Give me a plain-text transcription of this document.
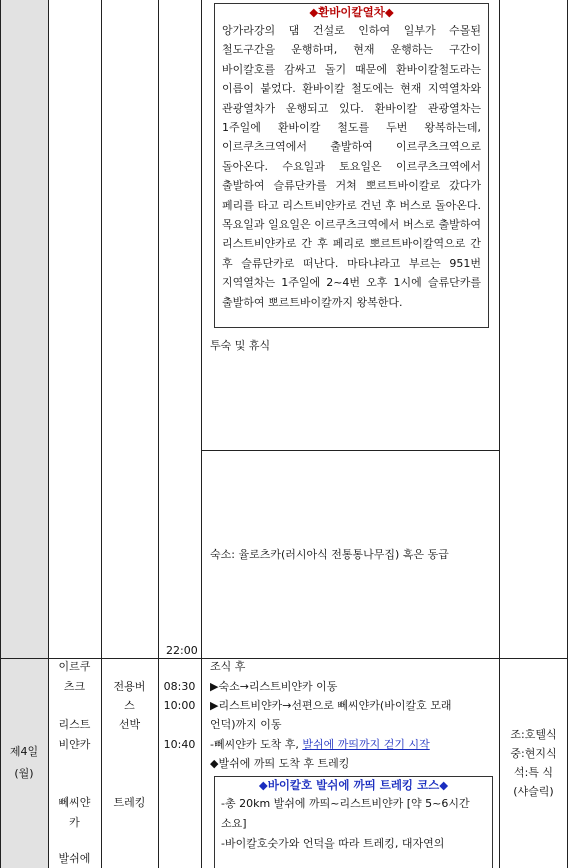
◆환바이칼열차◆
앙가라강의 댐 건설로 인하여 일부가 수몰된 철도구간을 운행하며, 현재 운행하는 구간이 바이칼호를 감싸고 돌기 때문에 환바이칼철도라는 이름이 붙었다. 환바이칼 철도에는 현재 지역열차와 관광열차가 운행되고 있다. 환바이칼 관광열차는 1주일에 환바이칼 철도를 두번 왕복하는데, 이르쿠츠크역에서 출발하여 이르쿠츠크역으로 돌아온다. 수요일과 토요일은 이르쿠츠크역에서 출발하여 슬류단카를 거쳐 뽀르트바이칼로 갔다가 페리를 타고 리스트비얀카로 건넌 후 버스로 돌아온다. 목요일과 일요일은 이르쿠츠크역에서 버스로 출발하여 리스트비얀카로 간 후 페리로 뽀르트바이칼역으로 간 후 슬류단카로 떠난다. 마타냐라고 부르는 951번 지역열차는 1주일에 2~4번 오후 1시에 슬류단카를 출발하여 뽀르트바이칼까지 왕복한다.
투숙 및 휴식
숙소: 율로츠카(러시아식 전통통나무집) 혹은 동급
22:00
제4일
(월)
이르쿠
츠크
리스트
비얀카
뻬씨얀
카
발쉬에
전용버
스
선박
트레킹
08:30
10:00
10:40
조식 후
▶숙소→리스트비얀카 이동
▶리스트비얀카→선편으로 뻬씨얀카(바이칼호 모래
언덕)까지 이동
-뻬씨얀카 도착 후, 발쉬에 까띄까지 걷기 시작
◆발쉬에 까띄 도착 후 트레킹
◆바이칼호 발쉬에 까띄 트레킹 코스◆
-총 20km 발쉬에 까띄~리스트비얀카 [약 5~6시간
소요]
-바이칼호숫가와 언덕을 따라 트레킹, 대자연의
조:호텔식
중:현지식
석:특 식
(샤슬릭)
